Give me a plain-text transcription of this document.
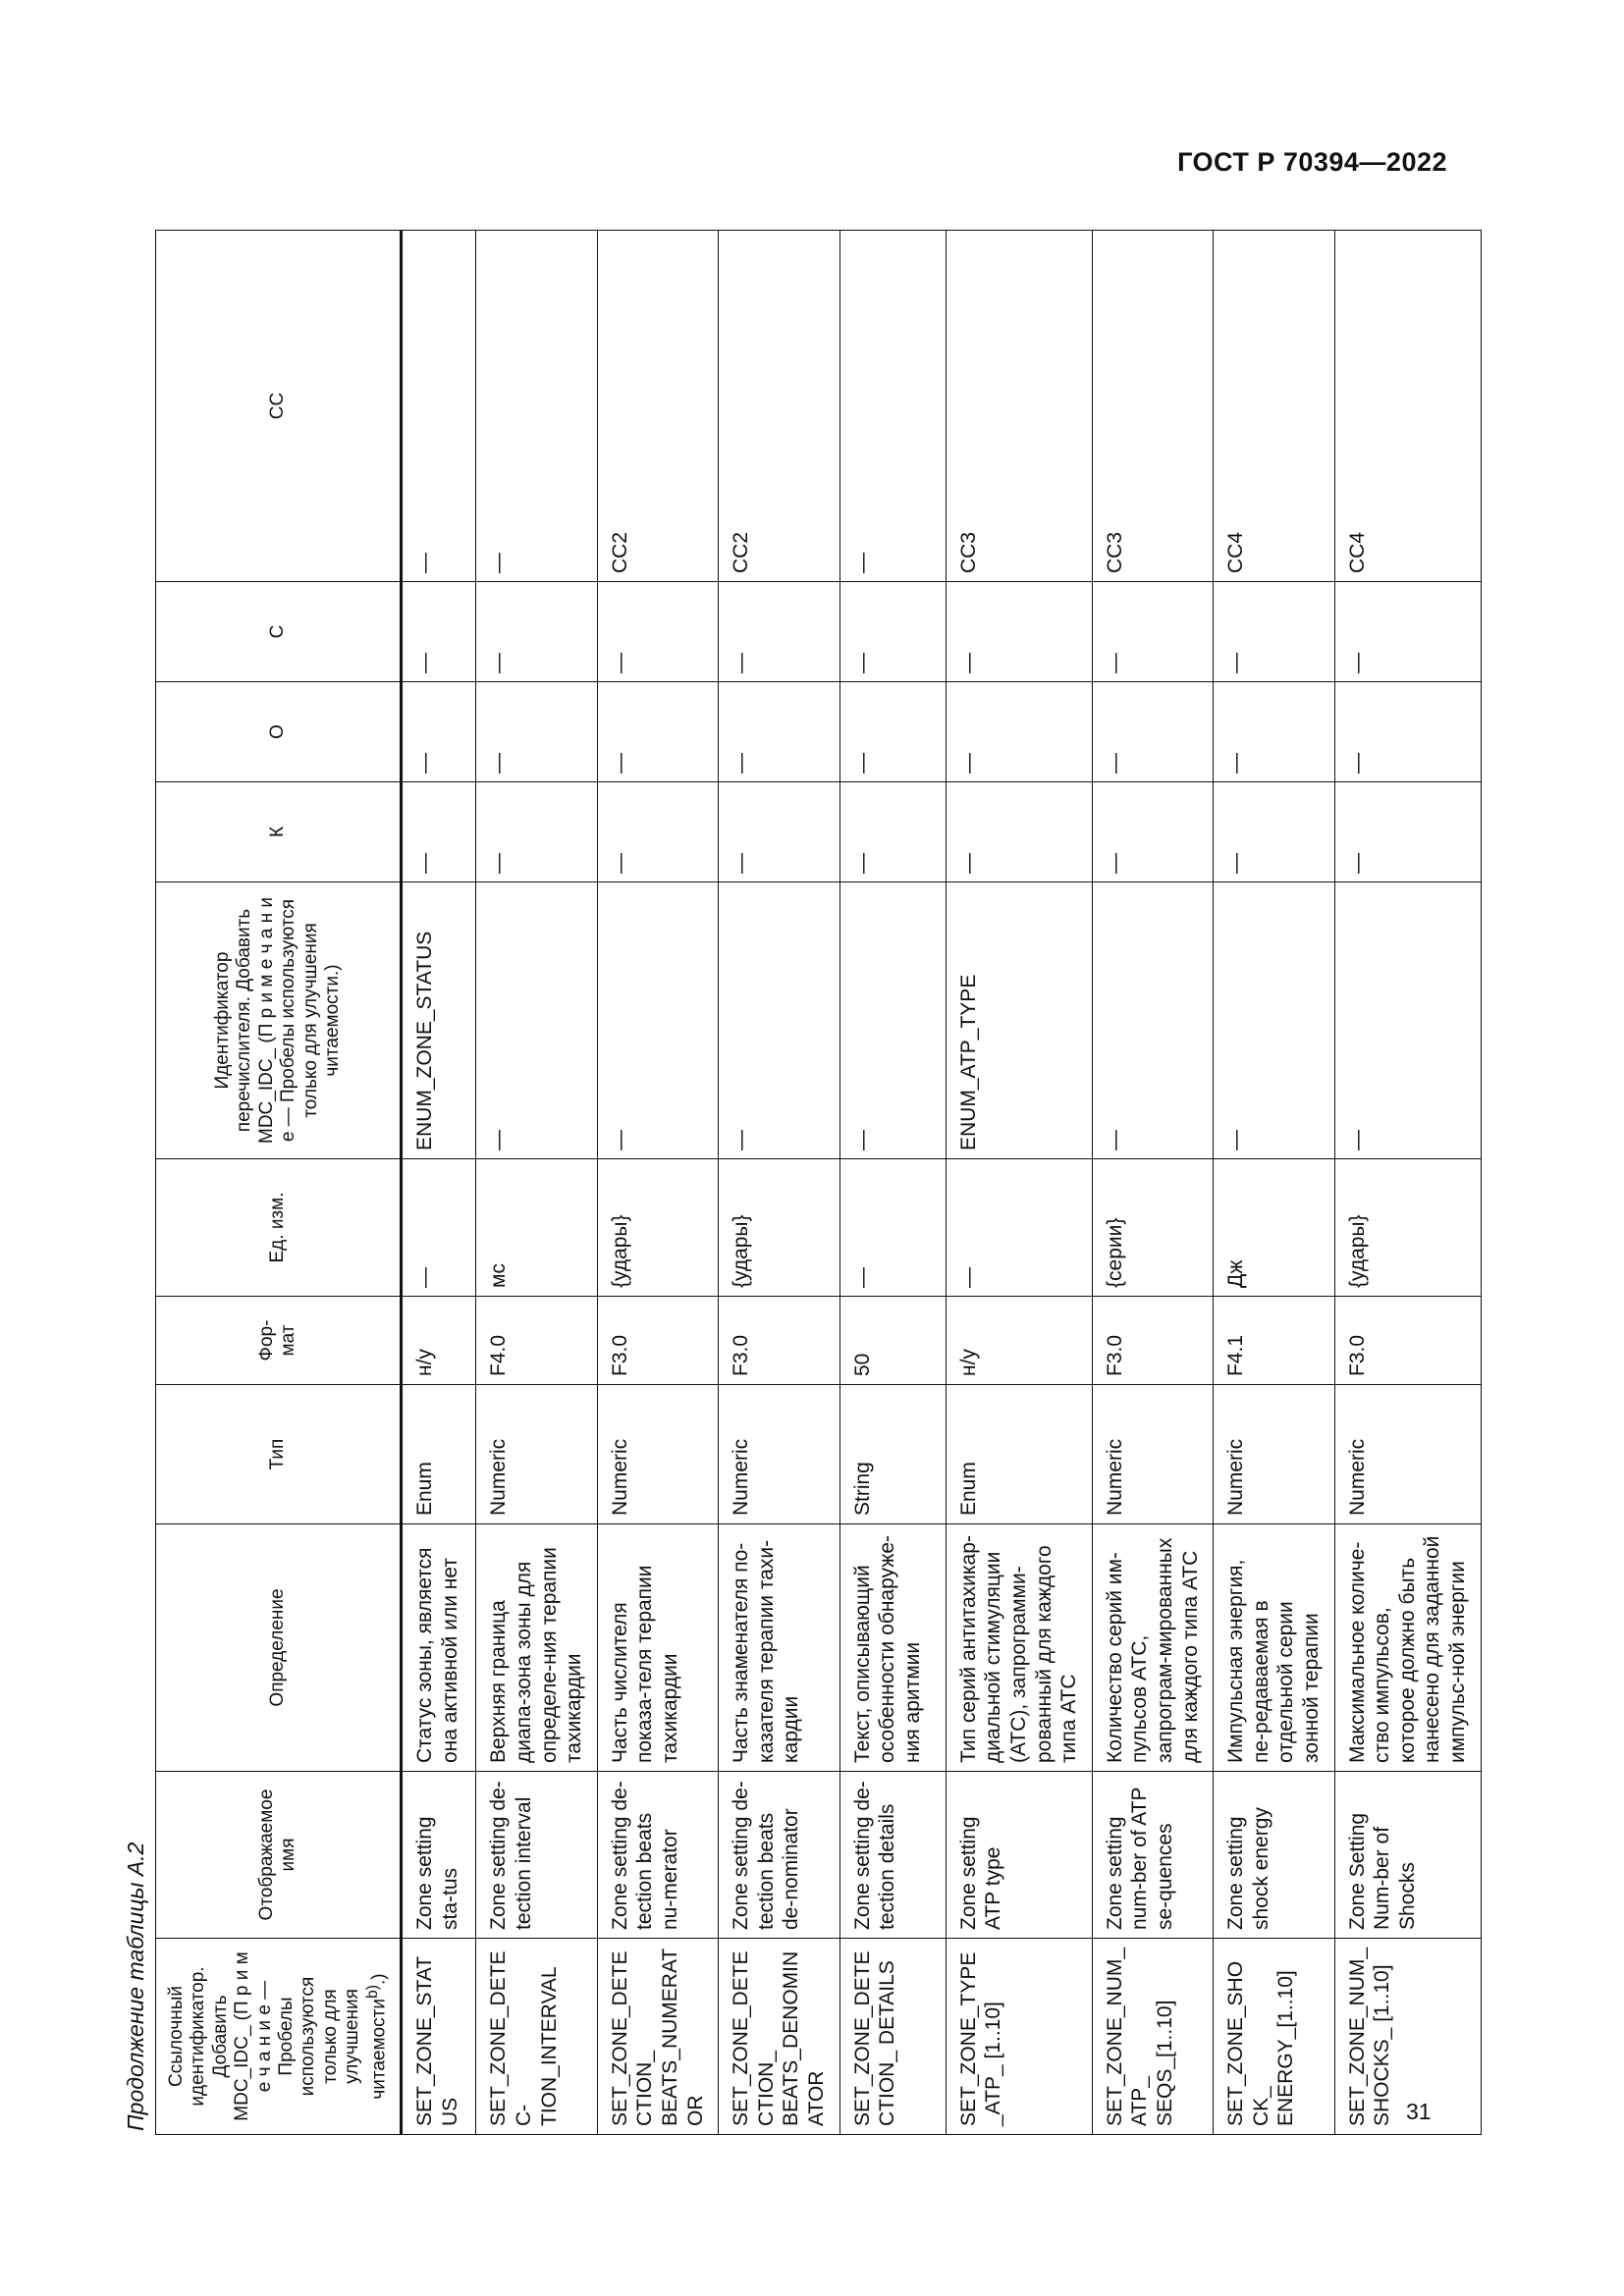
ГОСТ Р 70394—2022
Продолжение таблицы А.2 Ссылочный идентификатор. Добавить MDC_IDC_ (П р и м е ч а н и е — Пробелы используются только для улучшения читаемости$^{b)}$.)	Отображаемое имя	Определение	Тип	Фор-мат	Ед. изм.	Идентификатор перечислителя. Добавить MDC_IDC_ (П р и м е ч а н и е — Пробелы используются только для улучшения читаемости.)	К	О	С	СС
SET_ZONE_STATUS	Zone setting sta-tus	Статус зоны, является она активной или нет	Enum	н/у	—	ENUM_ZONE_STATUS	—	—	—	—
SET_ZONE_DETEC-TION_INTERVAL	Zone setting de-tection interval	Верхняя граница диапа-зона зоны для определе-ния терапии тахикардии	Numeric	F4.0	мс	—	—	—	—	—
SET_ZONE_DETECTION_ BEATS_NUMERATOR	Zone setting de-tection beats nu-merator	Часть числителя показа-теля терапии тахикардии	Numeric	F3.0	{удары}	—	—	—	—	CC2
SET_ZONE_DETECTION_ BEATS_DENOMINATOR	Zone setting de-tection beats de-nominator	Часть знаменателя по-казателя терапии тахи-кардии	Numeric	F3.0	{удары}	—	—	—	—	CC2
SET_ZONE_DETECTION_ DETAILS	Zone setting de-tection details	Текст, описывающий особенности обнаруже-ния аритмии	String	50	—	—	—	—	—	—
SET_ZONE_TYPE_ATP_ [1..10]	Zone setting ATP type	Тип серий антитахикар-диальной стимуляции (АТС), запрограмми-рованный для каждого типа АТС	Enum	н/у	—	ENUM_ATP_TYPE	—	—	—	CC3
SET_ZONE_NUM_ATP_ SEQS_[1..10]	Zone setting num-ber of ATP se-quences	Количество серий им-пульсов АТС, запрограм-мированных для каждого типа АТС	Numeric	F3.0	{серии}	—	—	—	—	CC3
SET_ZONE_SHOCK_ ENERGY_[1..10]	Zone setting shock energy	Импульсная энергия, пе-редаваемая в отдельной серии зонной терапии	Numeric	F4.1	Дж	—	—	—	—	CC4
SET_ZONE_NUM_ SHOCKS_ [1..10]	Zone Setting Num-ber of Shocks	Максимальное количе-ство импульсов, которое должно быть нанесено для заданной импульс-ной энергии	Numeric	F3.0	{удары}	—	—	—	—	CC4
31
